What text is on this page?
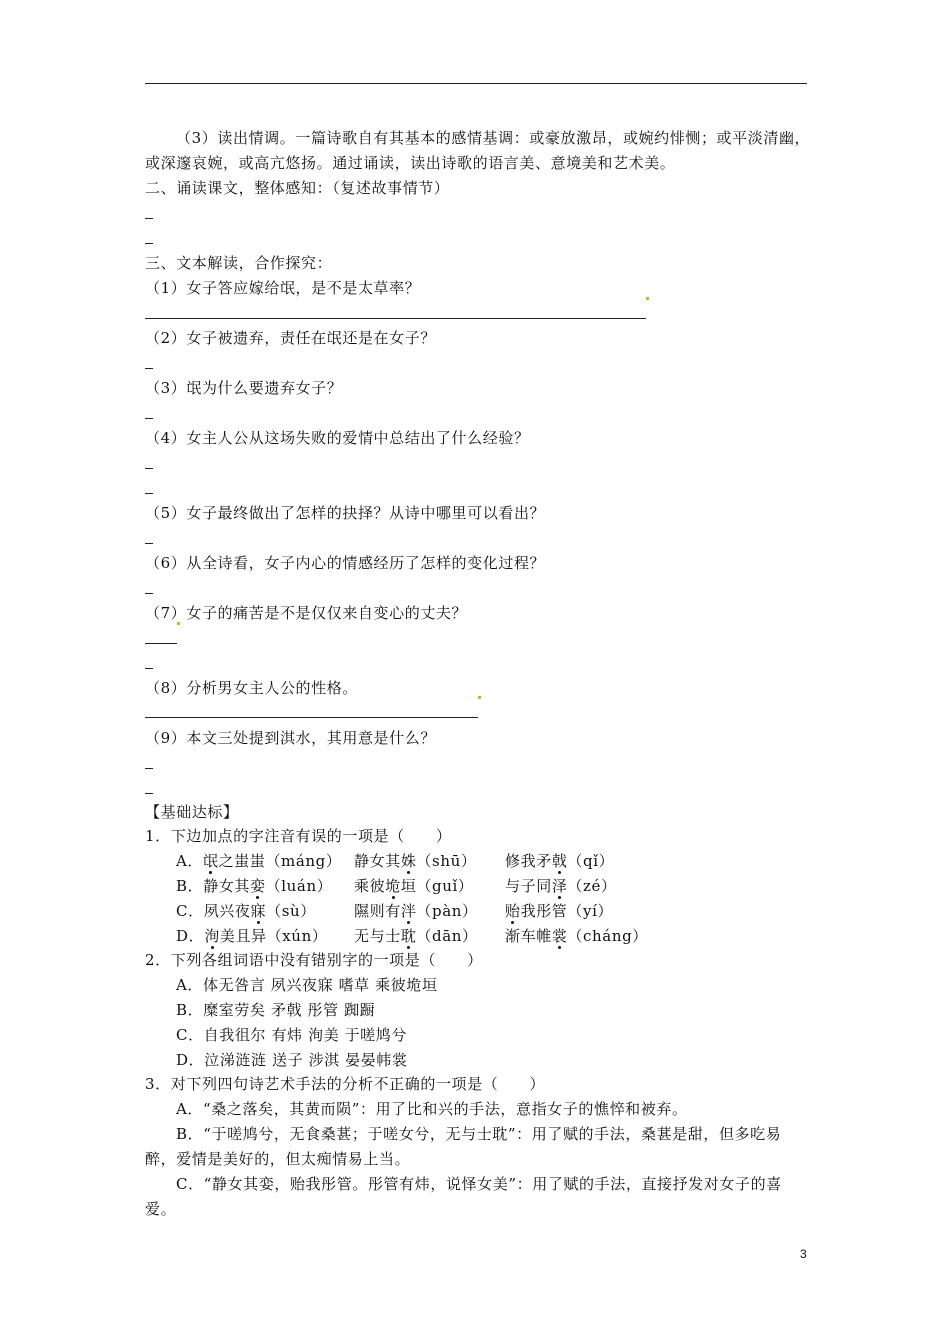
（3）读出情调。一篇诗歌自有其基本的感情基调：或豪放激昂，或婉约悱恻；或平淡清幽，
或深邃哀婉，或高亢悠扬。通过诵读，读出诗歌的语言美、意境美和艺术美。
二、诵读课文，整体感知：（复述故事情节）
三、文本解读，合作探究：
（1）女子答应嫁给氓，是不是太草率？
（2）女子被遗弃，责任在氓还是在女子？
（3）氓为什么要遗弃女子？
（4）女主人公从这场失败的爱情中总结出了什么经验？
（5）女子最终做出了怎样的抉择？从诗中哪里可以看出？
（6）从全诗看，女子内心的情感经历了怎样的变化过程？
（7）女子的痛苦是不是仅仅来自变心的丈夫？
（8）分析男女主人公的性格。
（9）本文三处提到淇水，其用意是什么？
【基础达标】
1．下边加点的字注音有误的一项是（　　）
A．氓之蚩蚩（máng） 静女其姝（shū） 修我矛戟（qǐ）
B．静女其娈（luán） 乘彼垝垣（guǐ） 与子同泽（zé）
C．夙兴夜寐（sù）	隰则有泮（pàn） 贻我彤管（yí）
D．洵美且异（xún） 无与士耽（dān） 渐车帷裳（cháng）
2．下列各组词语中没有错别字的一项是（　　）
A．体无咎言 夙兴夜寐 嗜草 乘彼垝垣
B．糜室劳矣 矛戟 彤管 踟蹰
C．自我徂尔 有炜 洵美 于嗟鸠兮
D．泣涕涟涟 送子 涉淇 晏晏帏裳
3．对下列四句诗艺术手法的分析不正确的一项是（　　）
A．“桑之落矣，其黄而陨”：用了比和兴的手法，意指女子的憔悴和被弃。
B．“于嗟鸠兮，无食桑葚；于嗟女兮，无与士耽”：用了赋的手法，桑葚是甜，但多吃易
醉，爱情是美好的，但太痴情易上当。
C．“静女其娈，贻我彤管。彤管有炜，说怿女美”：用了赋的手法，直接抒发对女子的喜
爱。
3
